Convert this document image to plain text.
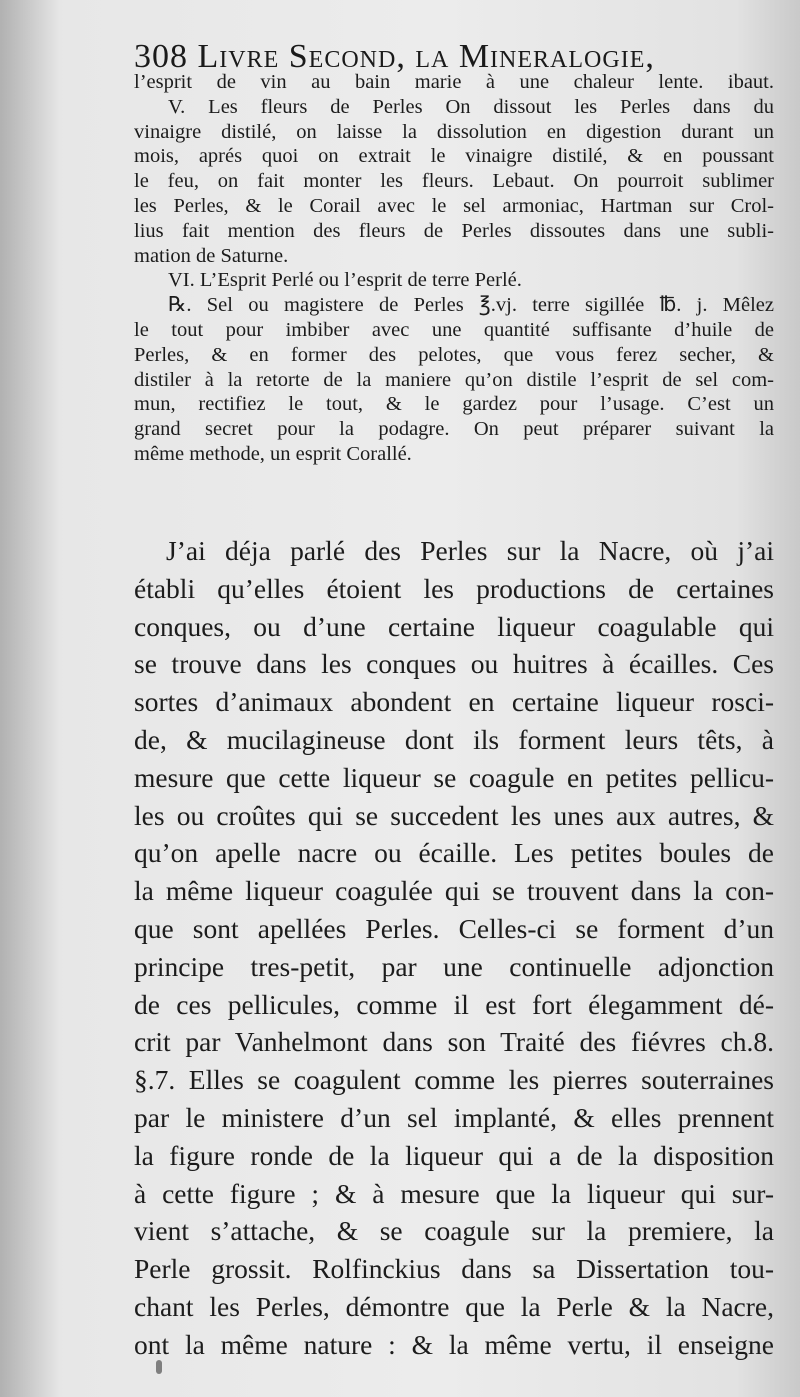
308 Livre Second, la Mineralogie,
l’esprit de vin au bain marie à une chaleur lente. ibaut.
V. Les fleurs de Perles On dissout les Perles dans du
vinaigre distilé, on laisse la dissolution en digestion durant un
mois, aprés quoi on extrait le vinaigre distilé, & en poussant
le feu, on fait monter les fleurs. Lebaut. On pourroit sublimer
les Perles, & le Corail avec le sel armoniac, Hartman sur Crol-
lius fait mention des fleurs de Perles dissoutes dans une subli-
mation de Saturne.
VI. L’Esprit Perlé ou l’esprit de terre Perlé.
℞. Sel ou magistere de Perles ℥.vj. terre sigillée ℔. j. Mêlez
le tout pour imbiber avec une quantité suffisante d’huile de
Perles, & en former des pelotes, que vous ferez secher, &
distiler à la retorte de la maniere qu’on distile l’esprit de sel com-
mun, rectifiez le tout, & le gardez pour l’usage. C’est un
grand secret pour la podagre. On peut préparer suivant la
même methode, un esprit Corallé.
J’ai déja parlé des Perles sur la Nacre, où j’ai
établi qu’elles étoient les productions de certaines
conques, ou d’une certaine liqueur coagulable qui
se trouve dans les conques ou huitres à écailles. Ces
sortes d’animaux abondent en certaine liqueur rosci-
de, & mucilagineuse dont ils forment leurs têts, à
mesure que cette liqueur se coagule en petites pellicu-
les ou croûtes qui se succedent les unes aux autres, &
qu’on apelle nacre ou écaille. Les petites boules de
la même liqueur coagulée qui se trouvent dans la con-
que sont apellées Perles. Celles-ci se forment d’un
principe tres-petit, par une continuelle adjonction
de ces pellicules, comme il est fort élegamment dé-
crit par Vanhelmont dans son Traité des fiévres ch.8.
§.7. Elles se coagulent comme les pierres souterraines
par le ministere d’un sel implanté, & elles prennent
la figure ronde de la liqueur qui a de la disposition
à cette figure ; & à mesure que la liqueur qui sur-
vient s’attache, & se coagule sur la premiere, la
Perle grossit. Rolfinckius dans sa Dissertation tou-
chant les Perles, démontre que la Perle & la Nacre,
ont la même nature : & la même vertu, il enseigne
